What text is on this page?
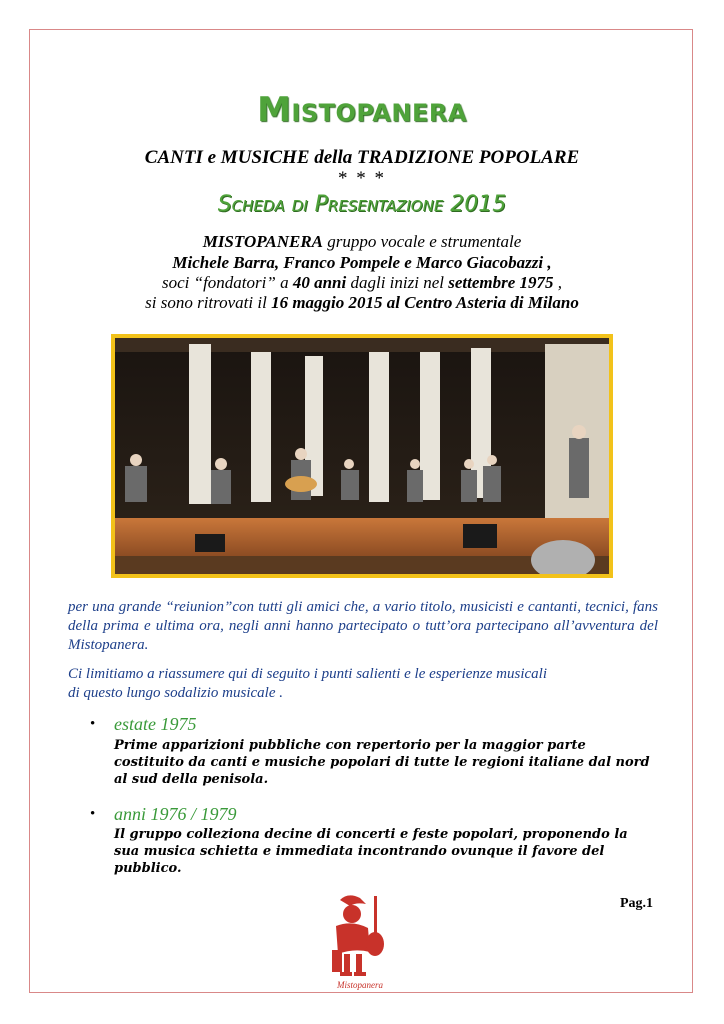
Mistopanera
CANTI e MUSICHE della TRADIZIONE POPOLARE
* * *
Scheda di Presentazione 2015
MISTOPANERA gruppo vocale e strumentale
Michele Barra, Franco Pompele e Marco Giacobazzi ,
soci “fondatori” a 40 anni dagli inizi nel settembre 1975 ,
si sono ritrovati il 16 maggio 2015 al Centro Asteria di Milano
per una grande “reiunion”con tutti gli amici che, a vario titolo, musicisti e cantanti, tecnici, fans della prima e ultima ora, negli anni hanno partecipato o tutt’ora partecipano all’avventura del Mistopanera.
Ci limitiamo a riassumere qui di seguito i punti salienti e le esperienze musicali
di questo lungo sodalizio musicale .
• estate 1975
Prime apparizioni pubbliche con repertorio per la maggior parte costituito da canti e musiche popolari di tutte le regioni italiane dal nord al sud della penisola.
• anni 1976 / 1979
Il gruppo colleziona decine di concerti e feste popolari, proponendo la sua musica schietta e immediata incontrando ovunque il favore del pubblico.
Pag.1
Mistopanera
